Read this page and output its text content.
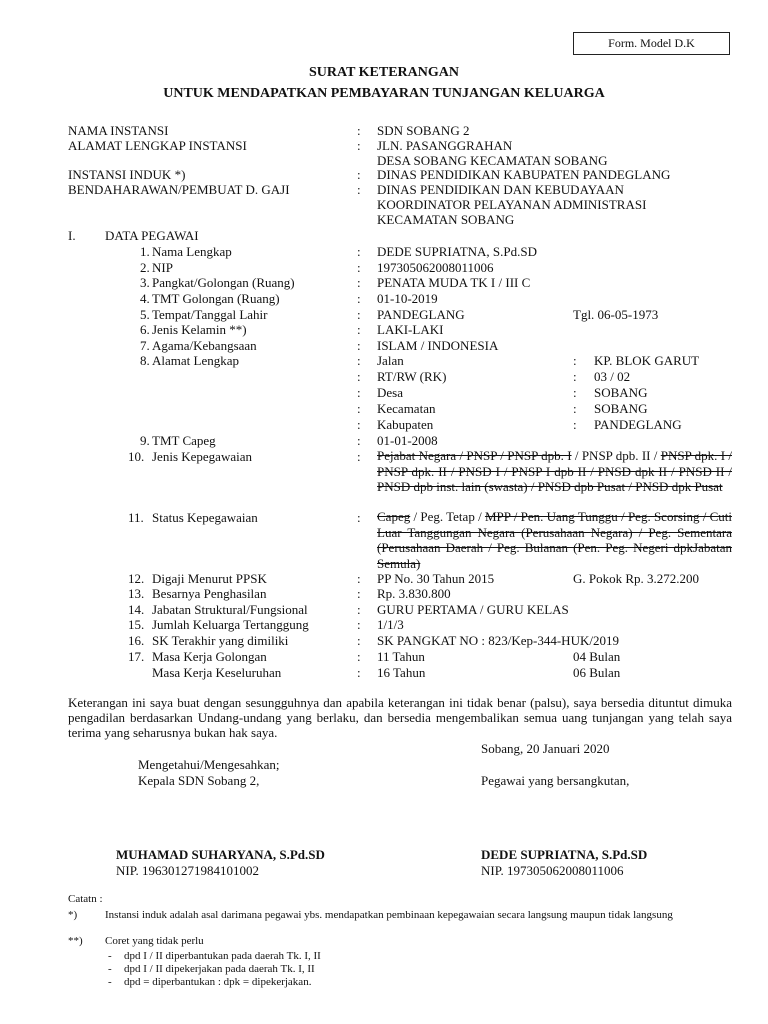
Form. Model D.K
SURAT KETERANGAN
UNTUK MENDAPATKAN PEMBAYARAN TUNJANGAN KELUARGA
NAMA INSTANSI	: SDN SOBANG 2
ALAMAT LENGKAP INSTANSI	: JLN. PASANGGRAHAN
DESA SOBANG KECAMATAN SOBANG
INSTANSI INDUK *)	: DINAS PENDIDIKAN KABUPATEN PANDEGLANG
BENDAHARAWAN/PEMBUAT D. GAJI	: DINAS PENDIDIKAN DAN KEBUDAYAAN
KOORDINATOR PELAYANAN ADMINISTRASI
KECAMATAN SOBANG
I. DATA PEGAWAI
1. Nama Lengkap	: DEDE SUPRIATNA, S.Pd.SD
2. NIP	: 197305062008011006
3. Pangkat/Golongan (Ruang)	: PENATA MUDA TK I / III C
4. TMT Golongan (Ruang)	: 01-10-2019
5. Tempat/Tanggal Lahir	: PANDEGLANG	Tgl. 06-05-1973
6. Jenis Kelamin **)	: LAKI-LAKI
7. Agama/Kebangsaan	: ISLAM / INDONESIA
8. Alamat Lengkap	: Jalan	: KP. BLOK GARUT
: RT/RW (RK)	: 03 / 02
: Desa	: SOBANG
: Kecamatan	: SOBANG
: Kabupaten	: PANDEGLANG
9. TMT Capeg	: 01-01-2008
10. Jenis Kepegawaian	: Pejabat Negara / PNSP / PNSP dpb. I / PNSP dpb. II / PNSP dpk. I / PNSP dpk. II / PNSD I / PNSP I dpb II / PNSD dpk II / PNSD II / PNSD dpb inst. lain (swasta) / PNSD dpb Pusat / PNSD dpk Pusat
11. Status Kepegawaian	: Capeg / Peg. Tetap / MPP / Pen. Uang Tunggu / Peg. Scorsing / Cuti Luar Tanggungan Negara (Perusahaan Negara) / Peg. Sementara (Perusahaan Daerah / Peg. Bulanan (Pen. Peg. Negeri dpkJabatan Semula)
12. Digaji Menurut PPSK	: PP No. 30 Tahun 2015	G. Pokok Rp. 3.272.200
13. Besarnya Penghasilan	: Rp. 3.830.800
14. Jabatan Struktural/Fungsional	: GURU PERTAMA / GURU KELAS
15. Jumlah Keluarga Tertanggung	: 1/1/3
16. SK Terakhir yang dimiliki	: SK PANGKAT NO : 823/Kep-344-HUK/2019
17. Masa Kerja Golongan	: 11 Tahun	04 Bulan
Masa Kerja Keseluruhan	: 16 Tahun	06 Bulan
Keterangan ini saya buat dengan sesungguhnya dan apabila keterangan ini tidak benar (palsu), saya bersedia dituntut dimuka pengadilan berdasarkan Undang-undang yang berlaku, dan bersedia mengembalikan semua uang tunjangan yang telah saya terima yang seharusnya bukan hak saya.
Sobang, 20 Januari 2020
Mengetahui/Mengesahkan;
Kepala SDN Sobang 2,	Pegawai yang bersangkutan,
MUHAMAD SUHARYANA, S.Pd.SD
NIP. 196301271984101002
DEDE SUPRIATNA, S.Pd.SD
NIP. 197305062008011006
Catatn :
*)	Instansi induk adalah asal darimana pegawai ybs. mendapatkan pembinaan kepegawaian secara langsung maupun tidak langsung
**) Coret yang tidak perlu
- dpd I / II diperbantukan pada daerah Tk. I, II
- dpd I / II dipekerjakan pada daerah Tk. I, II
- dpd = diperbantukan : dpk = dipekerjakan.
